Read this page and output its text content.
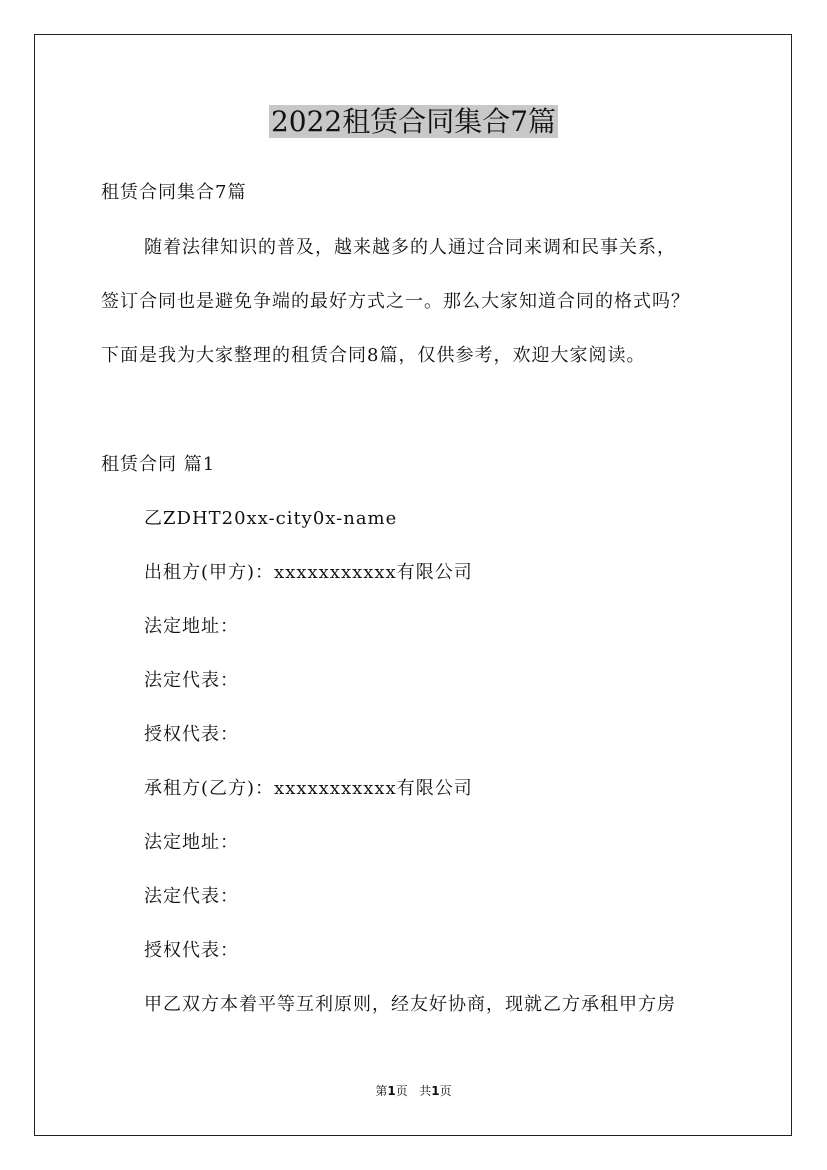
2022租赁合同集合7篇
租赁合同集合7篇
随着法律知识的普及，越来越多的人通过合同来调和民事关系，
签订合同也是避免争端的最好方式之一。那么大家知道合同的格式吗？
下面是我为大家整理的租赁合同8篇，仅供参考，欢迎大家阅读。
租赁合同 篇1
乙ZDHT20xx-city0x-name
出租方(甲方)：xxxxxxxxxxx有限公司
法定地址：
法定代表：
授权代表：
承租方(乙方)：xxxxxxxxxxx有限公司
法定地址：
法定代表：
授权代表：
甲乙双方本着平等互利原则，经友好协商，现就乙方承租甲方房
第1页 共1页
